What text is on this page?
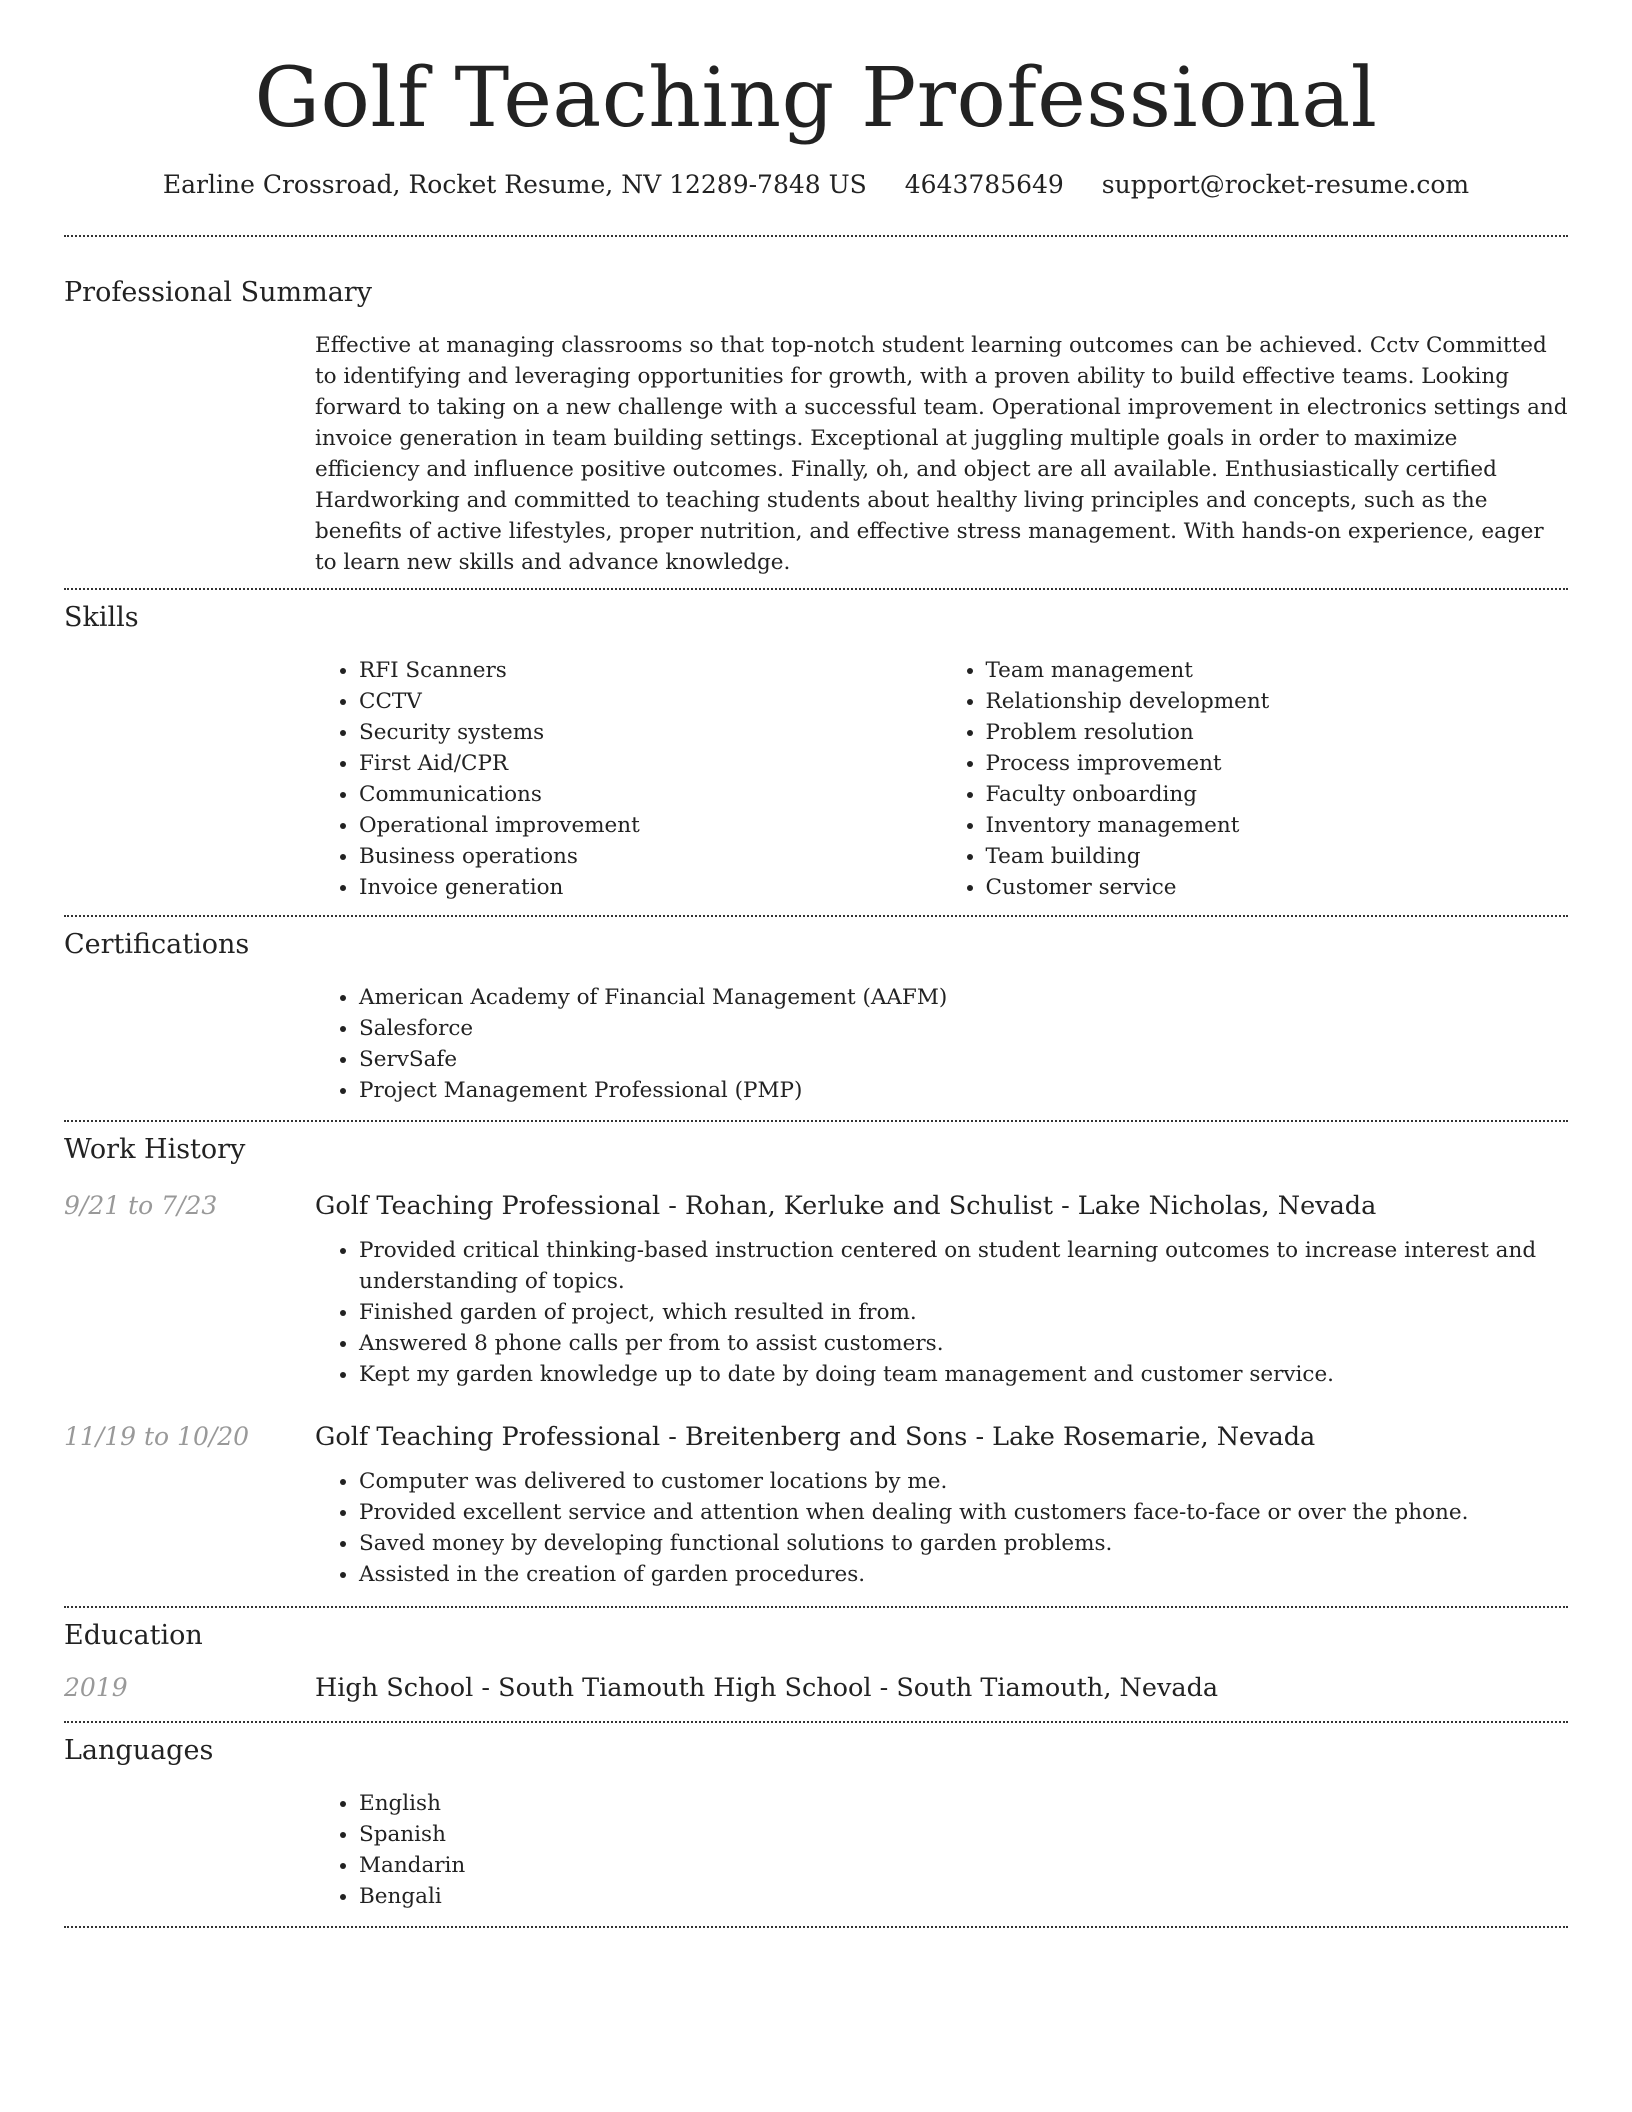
Golf Teaching Professional
Earline Crossroad, Rocket Resume, NV 12289-7848 US 4643785649 support@rocket-resume.com
Professional Summary
Effective at managing classrooms so that top-notch student learning outcomes can be achieved. Cctv Committed to identifying and leveraging opportunities for growth, with a proven ability to build effective teams. Looking forward to taking on a new challenge with a successful team. Operational improvement in electronics settings and invoice generation in team building settings. Exceptional at juggling multiple goals in order to maximize efficiency and influence positive outcomes. Finally, oh, and object are all available. Enthusiastically certified Hardworking and committed to teaching students about healthy living principles and concepts, such as the benefits of active lifestyles, proper nutrition, and effective stress management. With hands-on experience, eager to learn new skills and advance knowledge.
Skills
• RFI Scanners
• CCTV
• Security systems
• First Aid/CPR
• Communications
• Operational improvement
• Business operations
• Invoice generation
• Team management
• Relationship development
• Problem resolution
• Process improvement
• Faculty onboarding
• Inventory management
• Team building
• Customer service
Certifications
• American Academy of Financial Management (AAFM)
• Salesforce
• ServSafe
• Project Management Professional (PMP)
Work History
9/21 to 7/23	Golf Teaching Professional - Rohan, Kerluke and Schulist - Lake Nicholas, Nevada
• Provided critical thinking-based instruction centered on student learning outcomes to increase interest and understanding of topics.
• Finished garden of project, which resulted in from.
• Answered 8 phone calls per from to assist customers.
• Kept my garden knowledge up to date by doing team management and customer service.
11/19 to 10/20	Golf Teaching Professional - Breitenberg and Sons - Lake Rosemarie, Nevada
• Computer was delivered to customer locations by me.
• Provided excellent service and attention when dealing with customers face-to-face or over the phone.
• Saved money by developing functional solutions to garden problems.
• Assisted in the creation of garden procedures.
Education
2019	High School - South Tiamouth High School - South Tiamouth, Nevada
Languages
• English
• Spanish
• Mandarin
• Bengali
